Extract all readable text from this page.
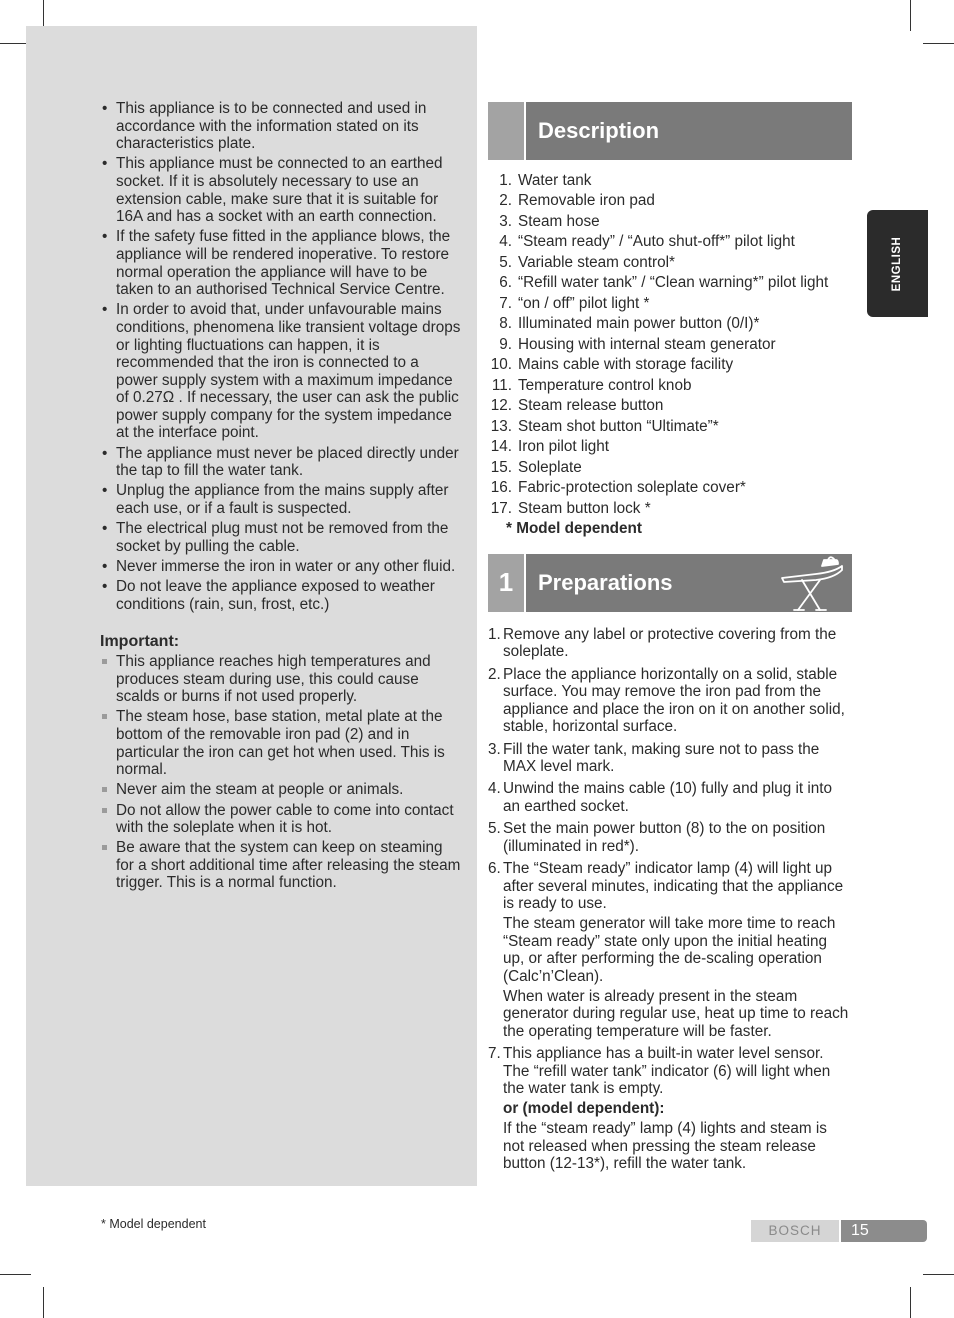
• This appliance is to be connected and used in accordance with the information stated on its characteristics plate.
• This appliance must be connected to an earthed socket. If it is absolutely necessary to use an extension cable, make sure that it is suitable for 16A and has a socket with an earth connection.
• If the safety fuse fitted in the appliance blows, the appliance will be rendered inoperative. To restore normal operation the appliance will have to be taken to an authorised Technical Service Centre.
• In order to avoid that, under unfavourable mains conditions, phenomena like transient voltage drops or lighting fluctuations can happen, it is recommended that the iron is connected to a power supply system with a maximum impedance of 0.27Ω . If necessary, the user can ask the public power supply company for the system impedance at the interface point.
• The appliance must never be placed directly under the tap to fill the water tank.
• Unplug the appliance from the mains supply after each use, or if a fault is suspected.
• The electrical plug must not be removed from the socket by pulling the cable.
• Never immerse the iron in water or any other fluid.
• Do not leave the appliance exposed to weather conditions (rain, sun, frost, etc.)
Important:
This appliance reaches high temperatures and produces steam during use, this could cause scalds or burns if not used properly.
The steam hose, base station, metal plate at the bottom of the removable iron pad (2) and in particular the iron can get hot when used. This is normal.
Never aim the steam at people or animals.
Do not allow the power cable to come into contact with the soleplate when it is hot.
Be aware that the system can keep on steaming for a short additional time after releasing the steam trigger. This is a normal function.
Description
1. Water tank
2. Removable iron pad
3. Steam hose
4. “Steam ready” / “Auto shut-off*” pilot light
5. Variable steam control*
6. “Refill water tank” / “Clean warning*” pilot light
7. “on / off” pilot light *
8. Illuminated main power button (0/I)*
9. Housing with internal steam generator
10. Mains cable with storage facility
11. Temperature control knob
12. Steam release button
13. Steam shot button “Ultimate”*
14. Iron pilot light
15. Soleplate
16. Fabric-protection soleplate cover*
17. Steam button lock *
* Model dependent
1	Preparations
1. Remove any label or protective covering from the soleplate.

2. Place the appliance horizontally on a solid, stable surface. You may remove the iron pad from the appliance and place the iron on it on another solid, stable, horizontal surface.

3. Fill the water tank, making sure not to pass the MAX level mark.

4. Unwind the mains cable (10) fully and plug it into an earthed socket.

5. Set the main power button (8) to the on position (illuminated in red*).

6. The “Steam ready” indicator lamp (4) will light up after several minutes, indicating that the appliance is ready to use.

The steam generator will take more time to reach “Steam ready” state only upon the initial heating up, or after performing the de-scaling operation (Calc’n’Clean).

When water is already present in the steam generator during regular use, heat up time to reach the operating temperature will be faster.

7. This appliance has a built-in water level sensor. The “refill water tank” indicator (6) will light when the water tank is empty.

or (model dependent):

If the “steam ready” lamp (4) lights and steam is not released when pressing the steam release button (12-13*), refill the water tank.

* Model dependent
ENGLISH
BOSCH	15
